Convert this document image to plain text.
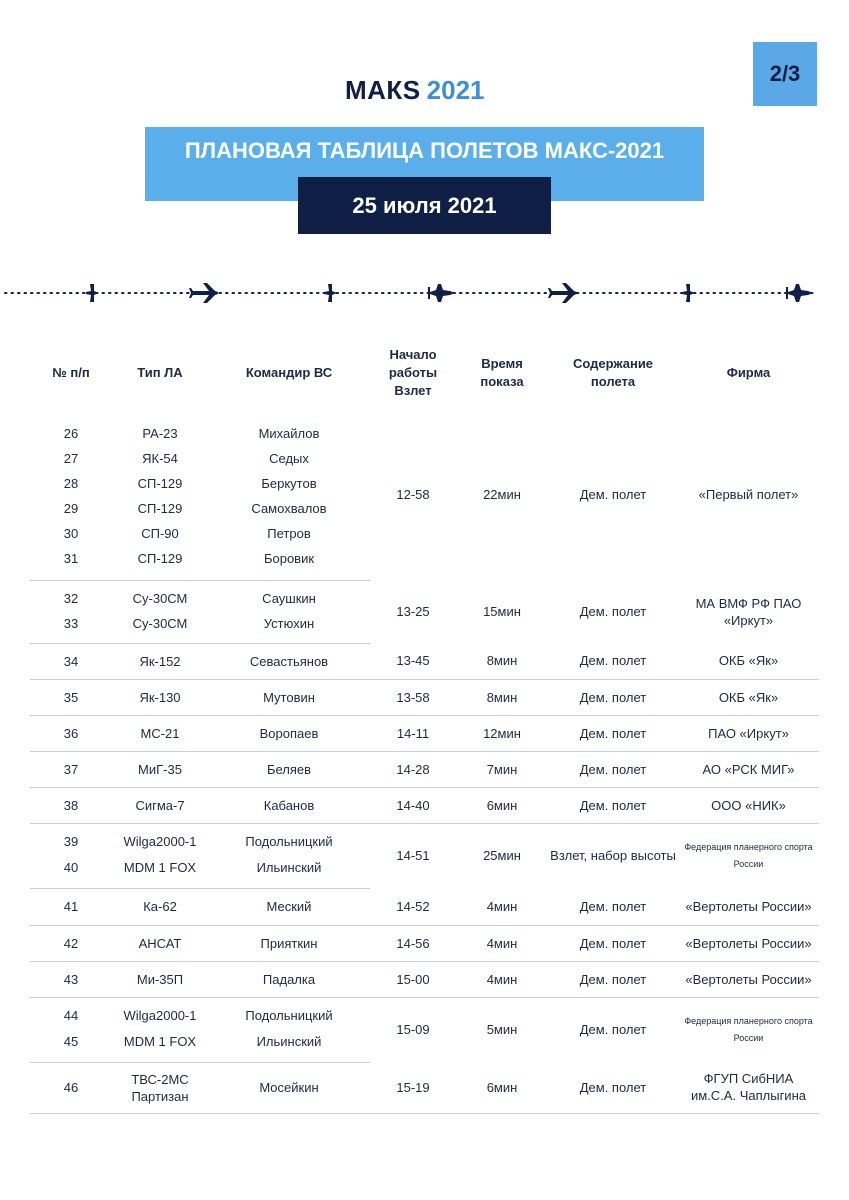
2/3
МАКS 2021
ПЛАНОВАЯ ТАБЛИЦА ПОЛЕТОВ МАКС-2021
25 июля 2021
№ п/п	Тип ЛА	Командир ВС	Начало работы Взлет	Время показа	Содержание полета	Фирма
26	РА-23	Михайлов	12-58	22мин	Дем. полет	«Первый полет»
27	ЯК-54	Седых				
28	СП-129	Беркутов				
29	СП-129	Самохвалов				
30	СП-90	Петров				
31	СП-129	Боровик				
32	Су-30СМ	Саушкин	13-25	15мин	Дем. полет	МА ВМФ РФ ПАО «Иркут»
33	Су-30СМ	Устюхин				
34	Як-152	Севастьянов	13-45	8мин	Дем. полет	ОКБ «Як»
35	Як-130	Мутовин	13-58	8мин	Дем. полет	ОКБ «Як»
36	МС-21	Воропаев	14-11	12мин	Дем. полет	ПАО «Иркут»
37	МиГ-35	Беляев	14-28	7мин	Дем. полет	АО «РСК МИГ»
38	Сигма-7	Кабанов	14-40	6мин	Дем. полет	ООО «НИК»
39	Wilga2000-1	Подольницкий	14-51	25мин	Взлет, набор высоты	Федерация планерного спорта России
40	MDM 1 FOX	Ильинский				
41	Ка-62	Меский	14-52	4мин	Дем. полет	«Вертолеты России»
42	АНСАТ	Прияткин	14-56	4мин	Дем. полет	«Вертолеты России»
43	Ми-35П	Падалка	15-00	4мин	Дем. полет	«Вертолеты России»
44	Wilga2000-1	Подольницкий	15-09	5мин	Дем. полет	Федерация планерного спорта России
45	MDM 1 FOX	Ильинский				
46	ТВС-2МС Партизан	Мосейкин	15-19	6мин	Дем. полет	ФГУП СибНИА им.С.А. Чаплыгина
